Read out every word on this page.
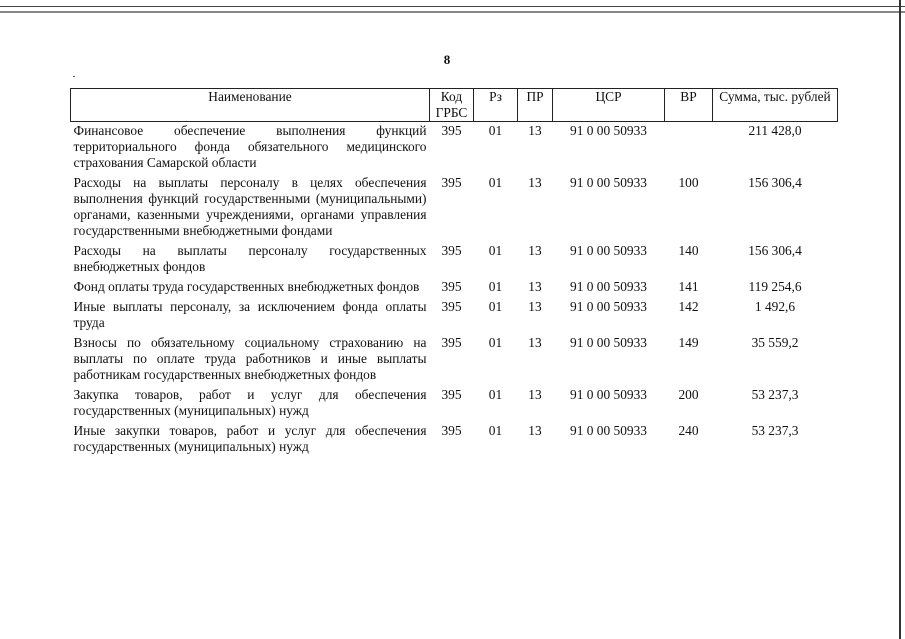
8
Наименование	Код ГРБС	Рз	ПР	ЦСР	ВР	Сумма, тыс. рублей
Финансовое обеспечение выполнения функций территориального фонда обязательного медицинского страхования Самарской области	395	01	13	91 0 00 50933		211 428,0
Расходы на выплаты персоналу в целях обеспечения выполнения функций государственными (муниципальными) органами, казенными учреждениями, органами управления государственными внебюджетными фондами	395	01	13	91 0 00 50933	100	156 306,4
Расходы на выплаты персоналу государственных внебюджетных фондов	395	01	13	91 0 00 50933	140	156 306,4
Фонд оплаты труда государственных внебюджетных фондов	395	01	13	91 0 00 50933	141	119 254,6
Иные выплаты персоналу, за исключением фонда оплаты труда	395	01	13	91 0 00 50933	142	1 492,6
Взносы по обязательному социальному страхованию на выплаты по оплате труда работников и иные выплаты работникам государственных внебюджетных фондов	395	01	13	91 0 00 50933	149	35 559,2
Закупка товаров, работ и услуг для обеспечения государственных (муниципальных) нужд	395	01	13	91 0 00 50933	200	53 237,3
Иные закупки товаров, работ и услуг для обеспечения государственных (муниципальных) нужд	395	01	13	91 0 00 50933	240	53 237,3
